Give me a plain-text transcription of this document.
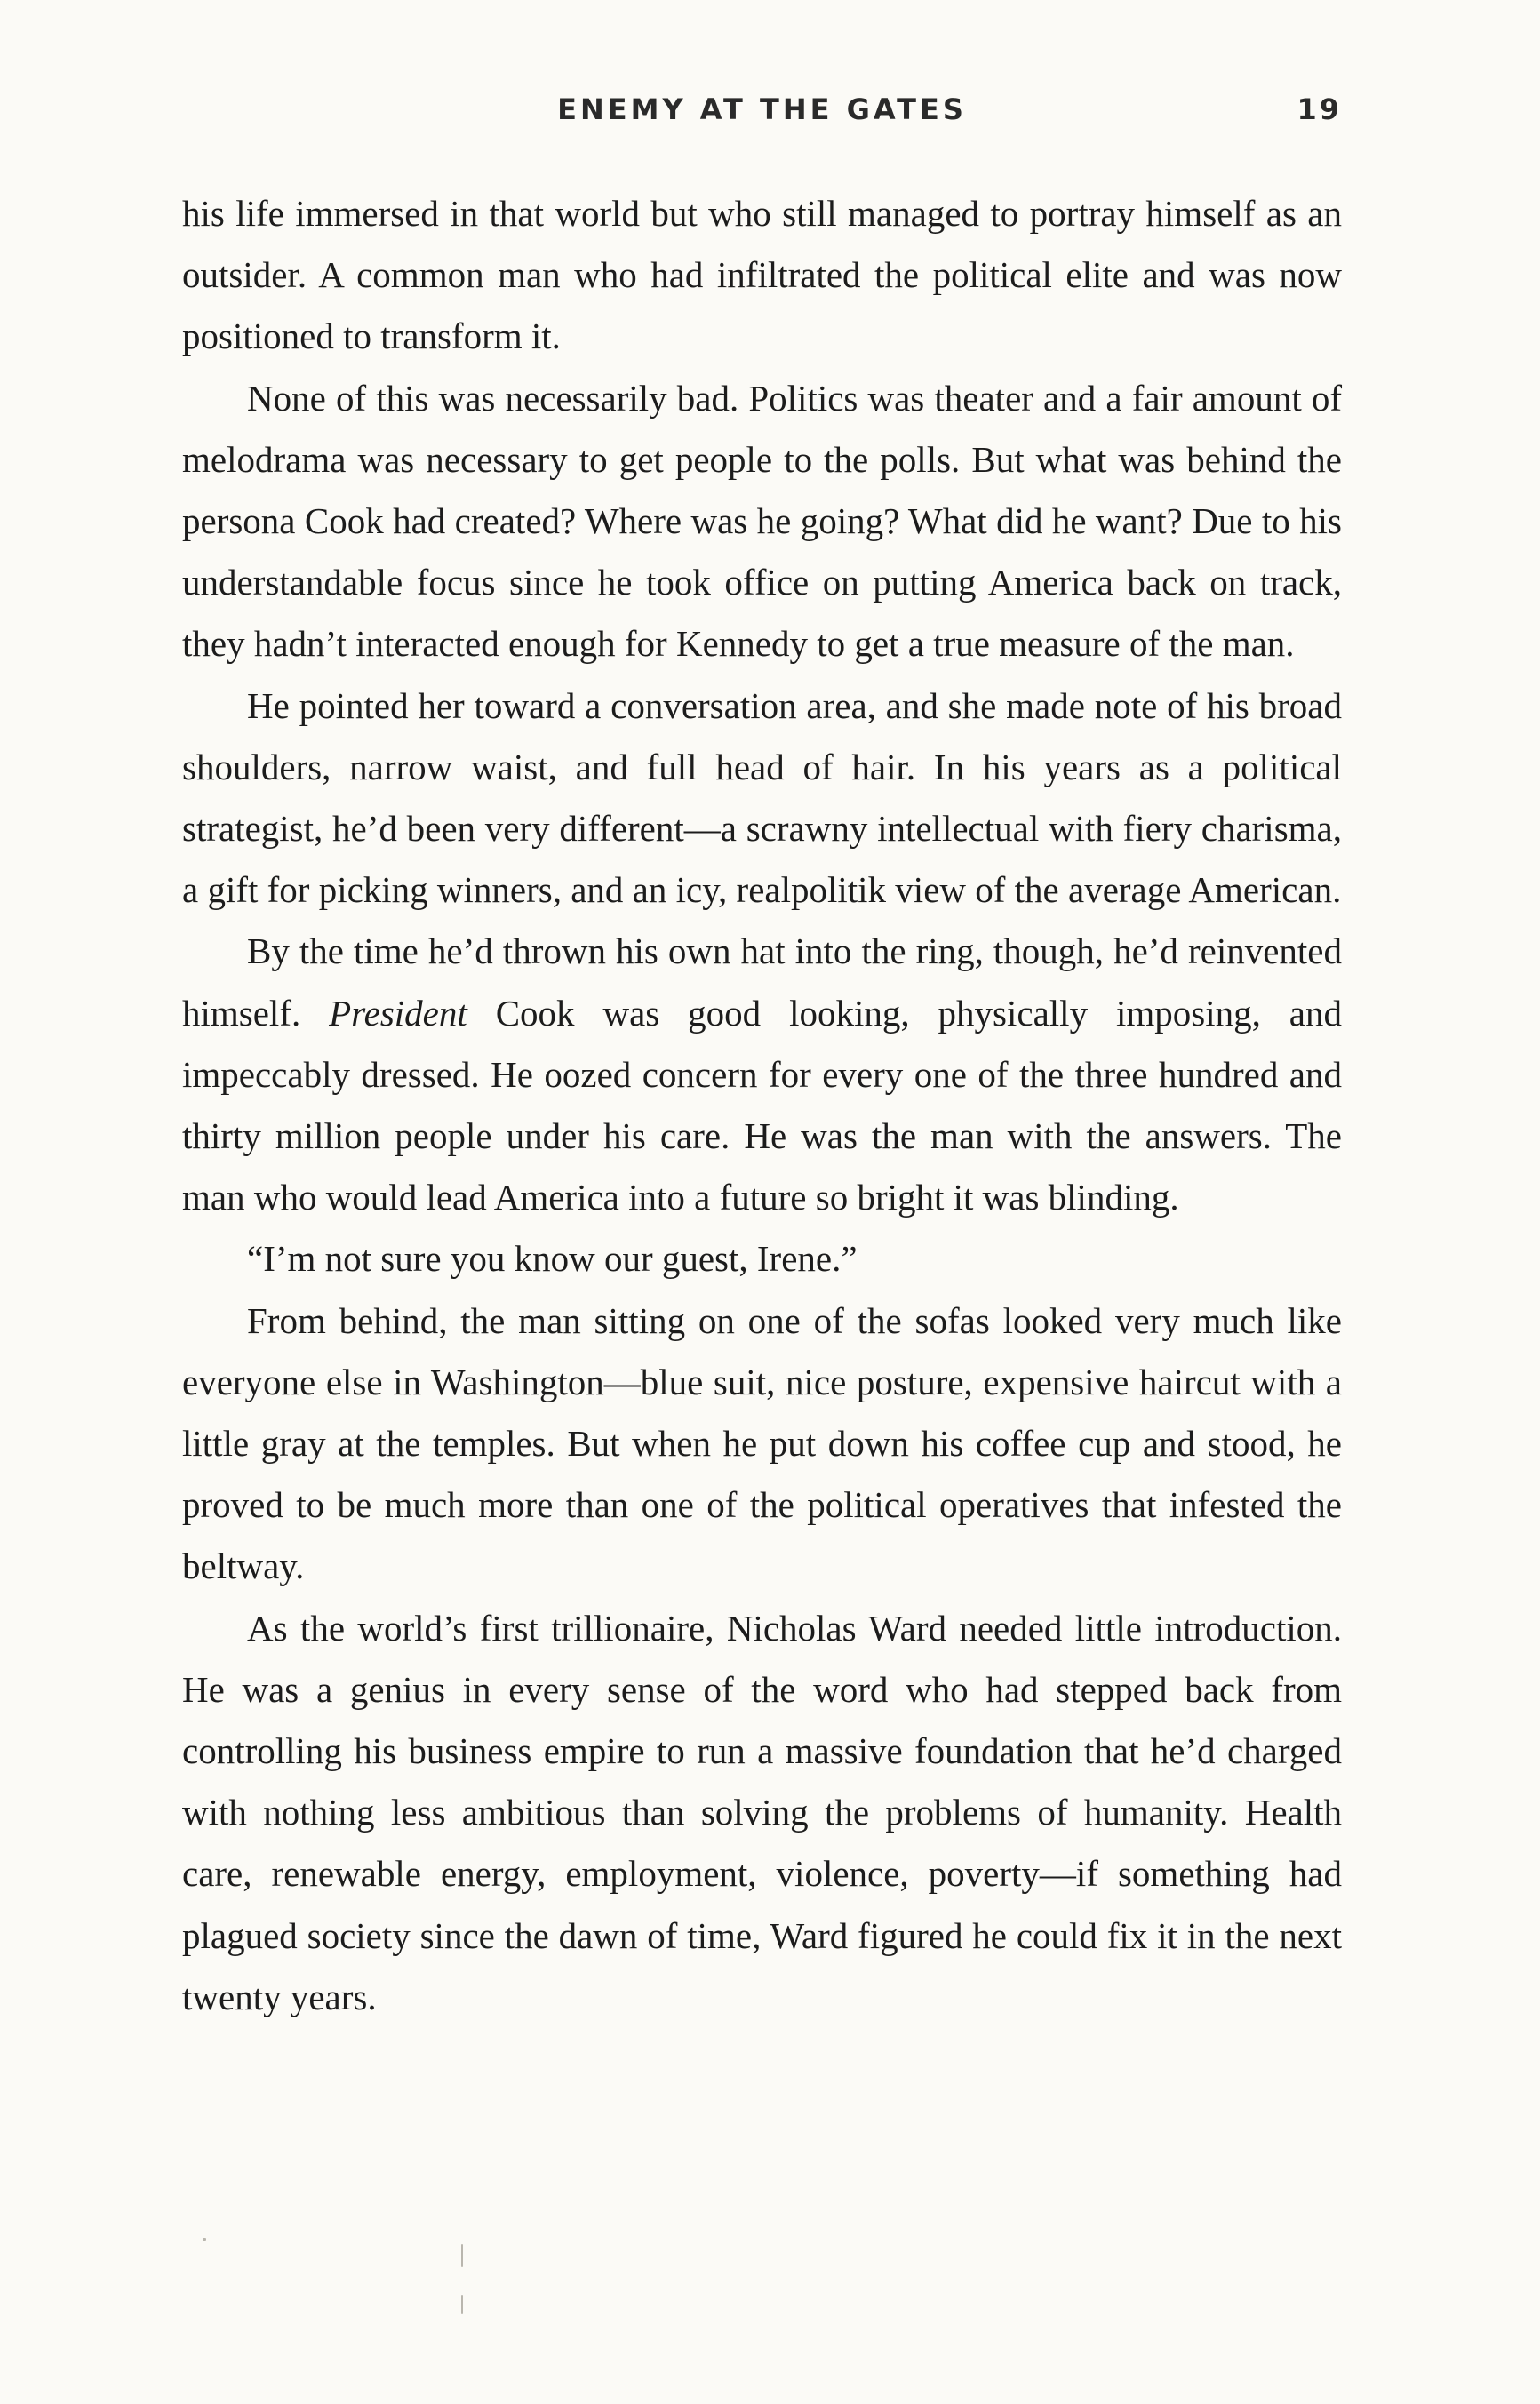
ENEMY AT THE GATES	19

his life immersed in that world but who still managed to portray himself as an outsider. A common man who had infiltrated the political elite and was now positioned to transform it.

None of this was necessarily bad. Politics was theater and a fair amount of melodrama was necessary to get people to the polls. But what was behind the persona Cook had created? Where was he going? What did he want? Due to his understandable focus since he took office on putting America back on track, they hadn’t interacted enough for Kennedy to get a true measure of the man.

He pointed her toward a conversation area, and she made note of his broad shoulders, narrow waist, and full head of hair. In his years as a political strategist, he’d been very different—a scrawny intellectual with fiery charisma, a gift for picking winners, and an icy, realpolitik view of the average American.

By the time he’d thrown his own hat into the ring, though, he’d reinvented himself. President Cook was good looking, physically imposing, and impeccably dressed. He oozed concern for every one of the three hundred and thirty million people under his care. He was the man with the answers. The man who would lead America into a future so bright it was blinding.

“I’m not sure you know our guest, Irene.”

From behind, the man sitting on one of the sofas looked very much like everyone else in Washington—blue suit, nice posture, expensive haircut with a little gray at the temples. But when he put down his coffee cup and stood, he proved to be much more than one of the political operatives that infested the beltway.

As the world’s first trillionaire, Nicholas Ward needed little introduction. He was a genius in every sense of the word who had stepped back from controlling his business empire to run a massive foundation that he’d charged with nothing less ambitious than solving the problems of humanity. Health care, renewable energy, employment, violence, poverty—if something had plagued society since the dawn of time, Ward figured he could fix it in the next twenty years.
